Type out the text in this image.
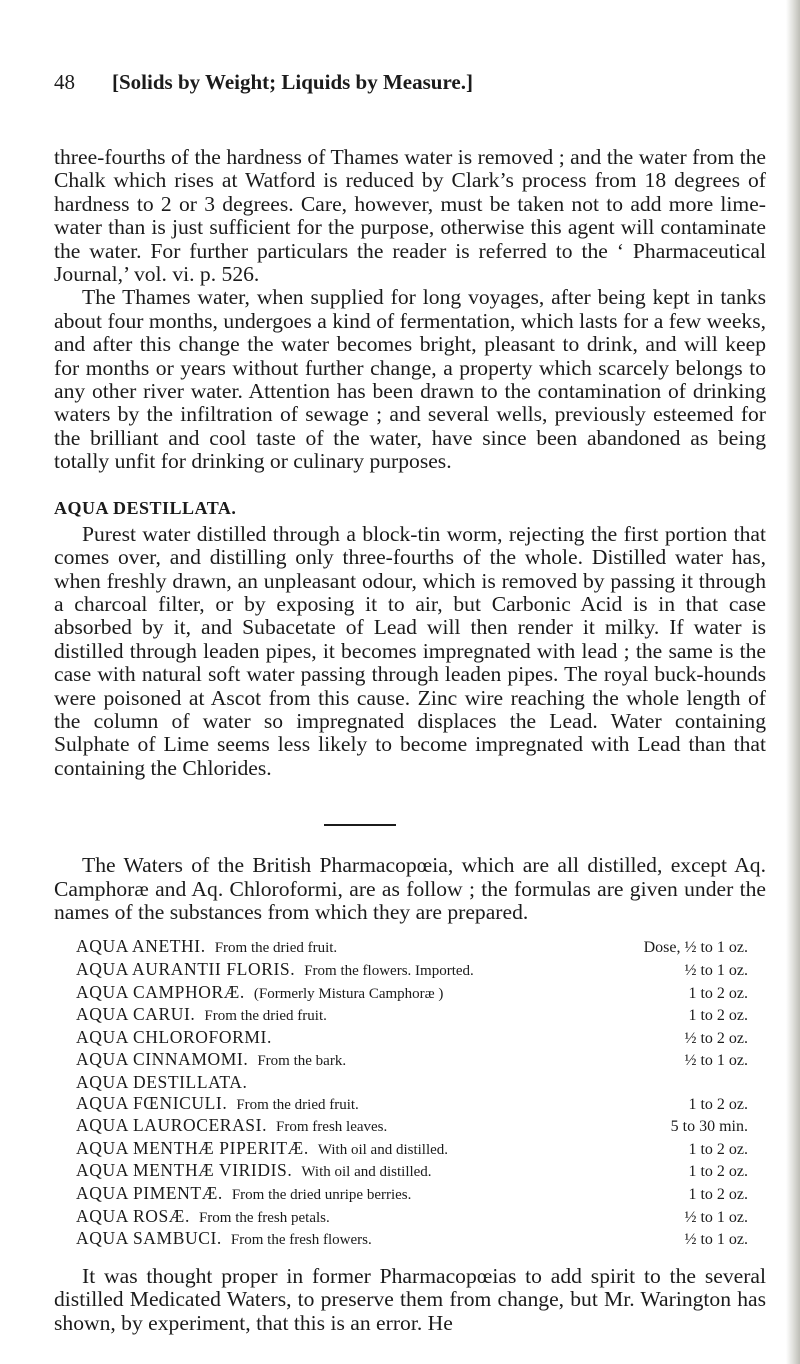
48	[Solids by Weight; Liquids by Measure.]

three-fourths of the hardness of Thames water is removed ; and the water from the Chalk which rises at Watford is reduced by Clark’s process from 18 degrees of hardness to 2 or 3 degrees. Care, however, must be taken not to add more lime-water than is just sufficient for the purpose, otherwise this agent will contaminate the water. For further particulars the reader is referred to the ‘ Pharmaceutical Journal,’ vol. vi. p. 526.

The Thames water, when supplied for long voyages, after being kept in tanks about four months, undergoes a kind of fermentation, which lasts for a few weeks, and after this change the water becomes bright, pleasant to drink, and will keep for months or years without further change, a property which scarcely belongs to any other river water. Attention has been drawn to the contamination of drinking waters by the infiltration of sewage ; and several wells, previously esteemed for the brilliant and cool taste of the water, have since been abandoned as being totally unfit for drinking or culinary purposes.

AQUA DESTILLATA.

Purest water distilled through a block-tin worm, rejecting the first portion that comes over, and distilling only three-fourths of the whole. Distilled water has, when freshly drawn, an unpleasant odour, which is removed by passing it through a charcoal filter, or by exposing it to air, but Carbonic Acid is in that case absorbed by it, and Subacetate of Lead will then render it milky. If water is distilled through leaden pipes, it becomes impregnated with lead ; the same is the case with natural soft water passing through leaden pipes. The royal buck-hounds were poisoned at Ascot from this cause. Zinc wire reaching the whole length of the column of water so impregnated displaces the Lead. Water containing Sulphate of Lime seems less likely to become impregnated with Lead than that containing the Chlorides.

The Waters of the British Pharmacopœia, which are all distilled, except Aq. Camphoræ and Aq. Chloroformi, are as follow ; the formulas are given under the names of the substances from which they are prepared.

AQUA ANETHI. From the dried fruit.	Dose, ½ to 1 oz.
AQUA AURANTII FLORIS. From the flowers. Imported.	½ to 1 oz.
AQUA CAMPHORÆ. (Formerly Mistura Camphoræ )	1 to 2 oz.
AQUA CARUI. From the dried fruit.	1 to 2 oz.
AQUA CHLOROFORMI.	½ to 2 oz.
AQUA CINNAMOMI. From the bark.	½ to 1 oz.
AQUA DESTILLATA.
AQUA FŒNICULI. From the dried fruit.	1 to 2 oz.
AQUA LAUROCERASI. From fresh leaves.	5 to 30 min.
AQUA MENTHÆ PIPERITÆ. With oil and distilled.	1 to 2 oz.
AQUA MENTHÆ VIRIDIS. With oil and distilled.	1 to 2 oz.
AQUA PIMENTÆ. From the dried unripe berries.	1 to 2 oz.
AQUA ROSÆ. From the fresh petals.	½ to 1 oz.
AQUA SAMBUCI. From the fresh flowers.	½ to 1 oz.

It was thought proper in former Pharmacopœias to add spirit to the several distilled Medicated Waters, to preserve them from change, but Mr. Warington has shown, by experiment, that this is an error. He
